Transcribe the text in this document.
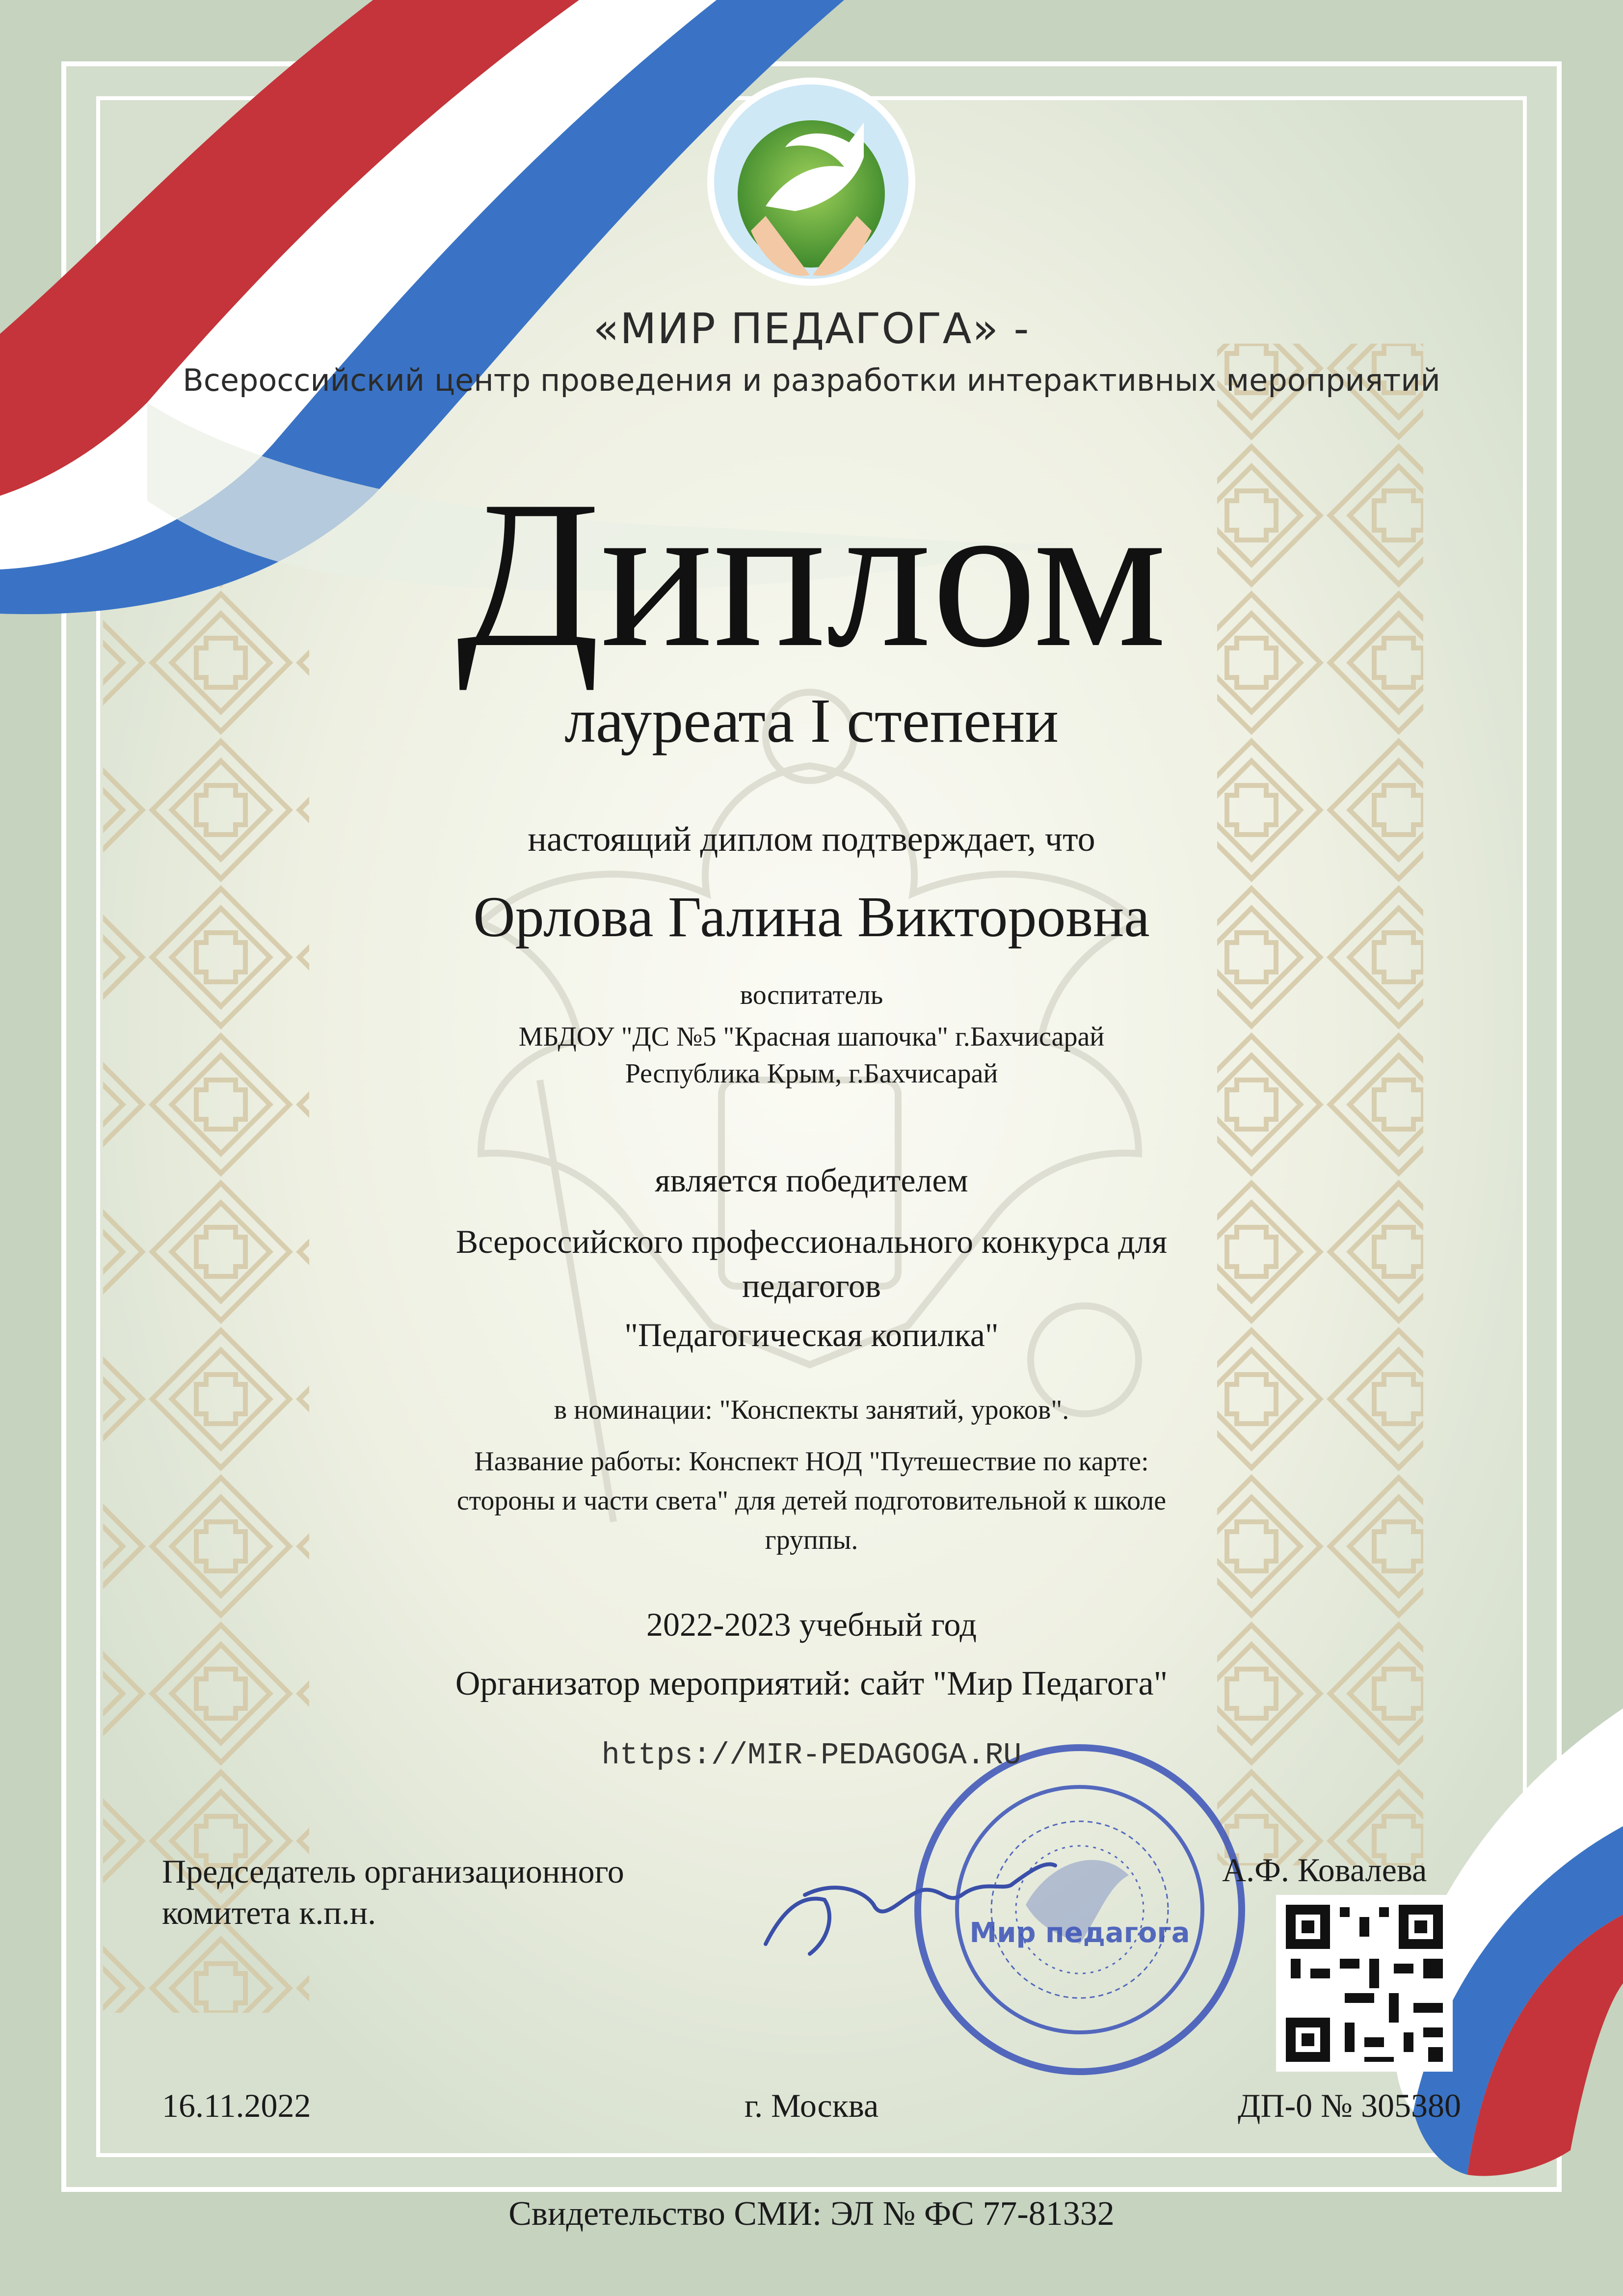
«МИР ПЕДАГОГА» -
Всероссийский центр проведения и разработки интерактивных мероприятий
Диплом
лауреата I степени
настоящий диплом подтверждает, что
Орлова Галина Викторовна
воспитатель
МБДОУ "ДС №5 "Красная шапочка" г.Бахчисарай
Республика Крым, г.Бахчисарай
является победителем
Всероссийского профессионального конкурса для
педагогов
"Педагогическая копилка"
в номинации: "Конспекты занятий, уроков".
Название работы: Конспект НОД "Путешествие по карте:
стороны и части света" для детей подготовительной к школе
группы.
2022-2023 учебный год
Организатор мероприятий: сайт "Мир Педагога"
https://MIR-PEDAGOGA.RU
Мир педагога
Председатель организационного
комитета к.п.н.
А.Ф. Ковалева
16.11.2022	г. Москва	ДП-0 № 305380
Свидетельство СМИ: ЭЛ № ФС 77-81332
